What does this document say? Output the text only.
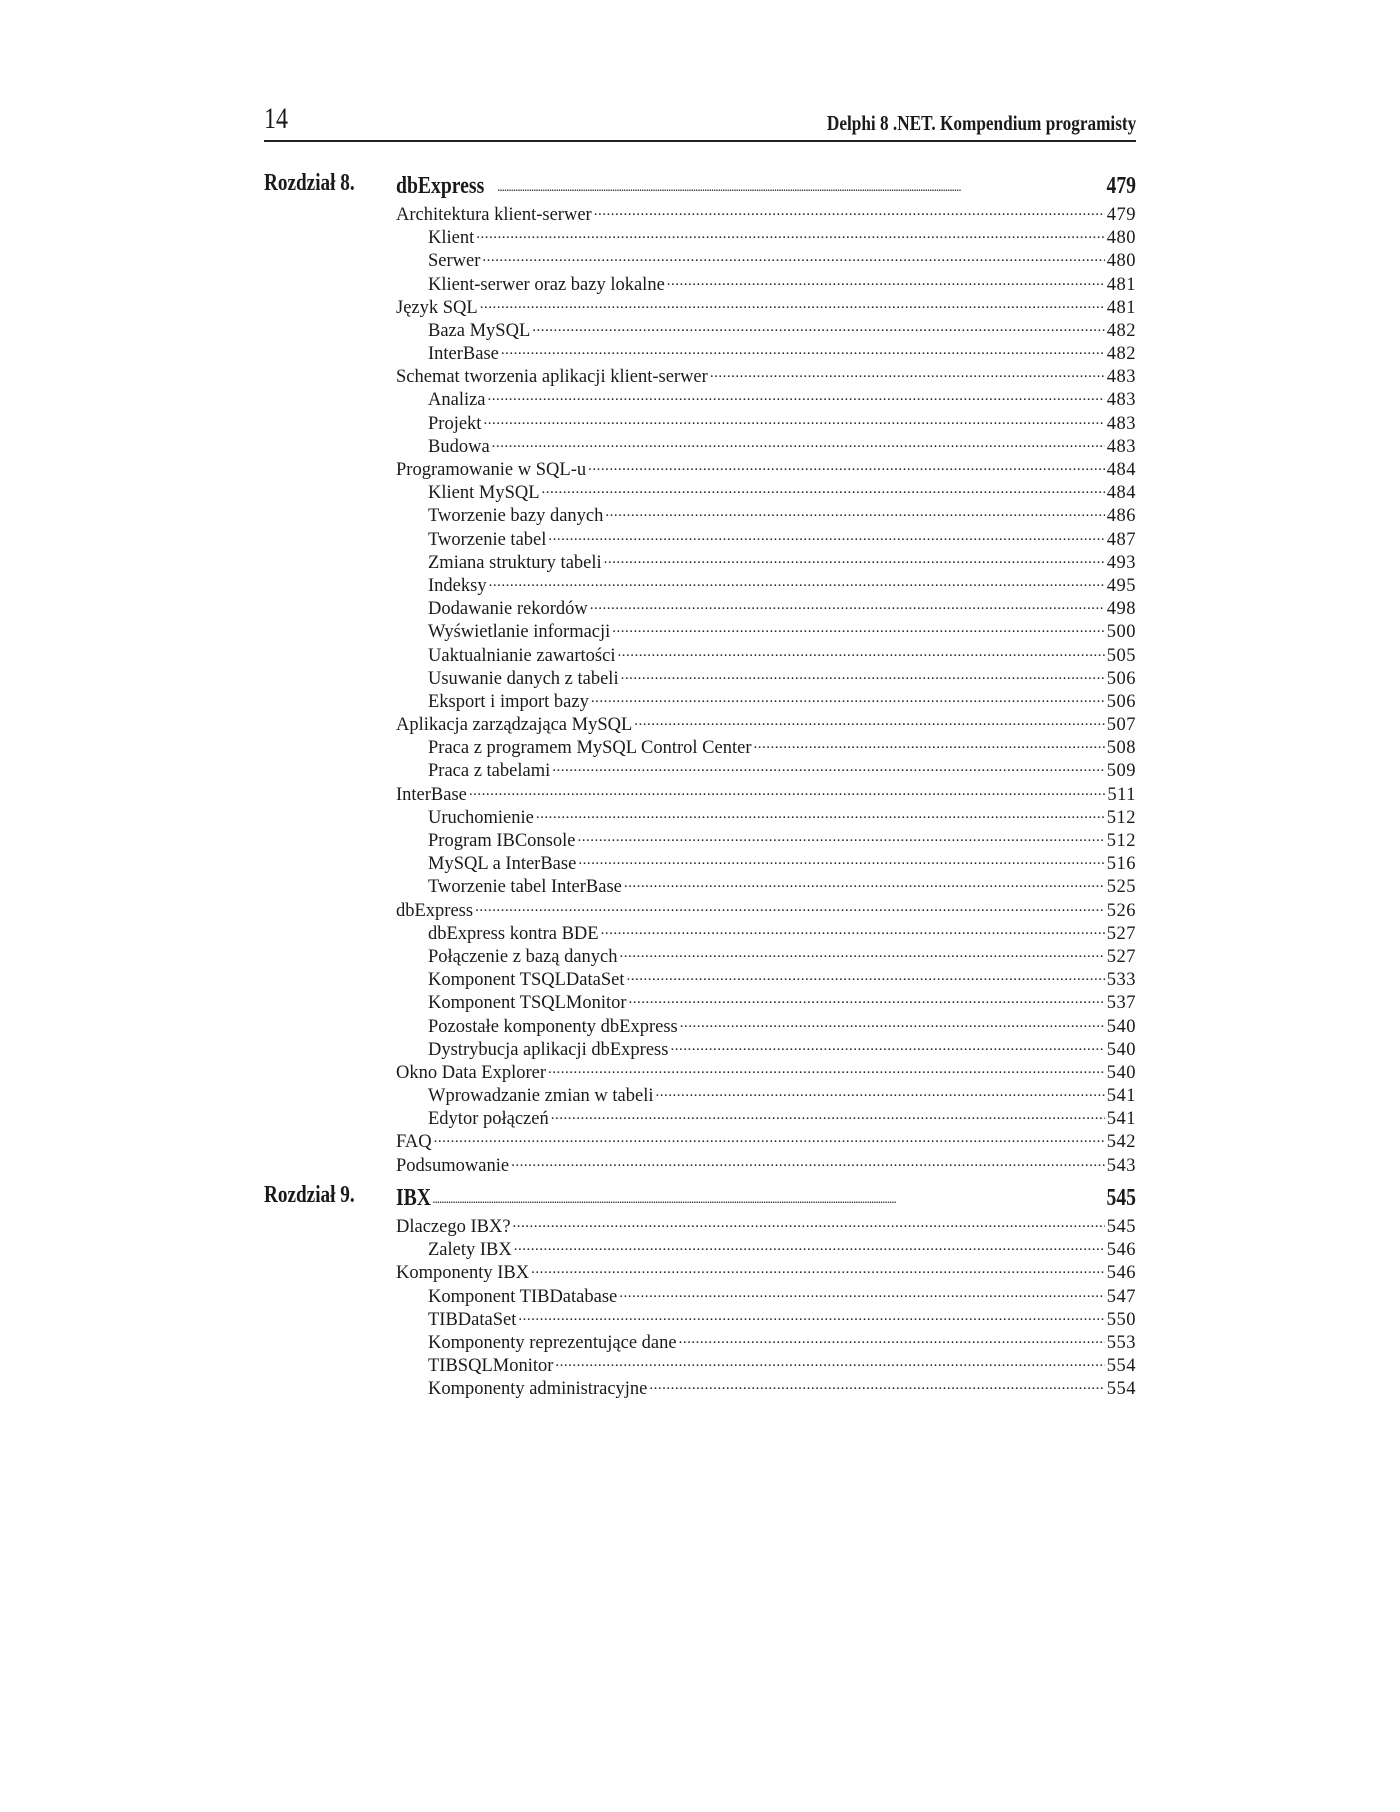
14	Delphi 8 .NET. Kompendium programisty
Rozdział 8. dbExpress .....	479
Architektura klient-serwer .....	479
Klient .....	480
Serwer .....	480
Klient-serwer oraz bazy lokalne .....	481
Język SQL .....	481
Baza MySQL .....	482
InterBase .....	482
Schemat tworzenia aplikacji klient-serwer .....	483
Analiza .....	483
Projekt .....	483
Budowa .....	483
Programowanie w SQL-u .....	484
Klient MySQL .....	484
Tworzenie bazy danych .....	486
Tworzenie tabel .....	487
Zmiana struktury tabeli .....	493
Indeksy .....	495
Dodawanie rekordów .....	498
Wyświetlanie informacji .....	500
Uaktualnianie zawartości .....	505
Usuwanie danych z tabeli .....	506
Eksport i import bazy .....	506
Aplikacja zarządzająca MySQL .....	507
Praca z programem MySQL Control Center .....	508
Praca z tabelami .....	509
InterBase .....	511
Uruchomienie .....	512
Program IBConsole .....	512
MySQL a InterBase .....	516
Tworzenie tabel InterBase .....	525
dbExpress .....	526
dbExpress kontra BDE .....	527
Połączenie z bazą danych .....	527
Komponent TSQLDataSet .....	533
Komponent TSQLMonitor .....	537
Pozostałe komponenty dbExpress .....	540
Dystrybucja aplikacji dbExpress .....	540
Okno Data Explorer .....	540
Wprowadzanie zmian w tabeli .....	541
Edytor połączeń .....	541
FAQ .....	542
Podsumowanie .....	543
Rozdział 9. IBX .....	545
Dlaczego IBX? .....	545
Zalety IBX .....	546
Komponenty IBX .....	546
Komponent TIBDatabase .....	547
TIBDataSet .....	550
Komponenty reprezentujące dane .....	553
TIBSQLMonitor .....	554
Komponenty administracyjne .....	554
